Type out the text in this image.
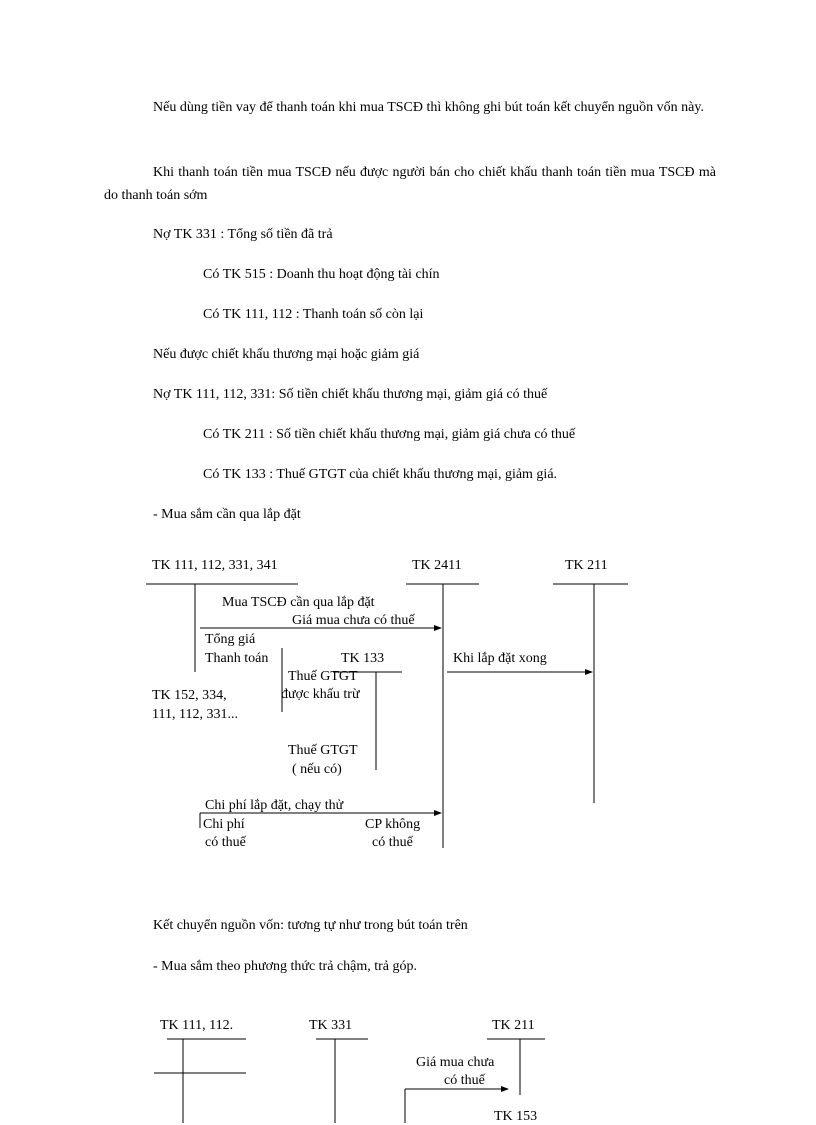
Nếu dùng tiền vay để thanh toán khi mua TSCĐ thì không ghi bút toán kết chuyển nguồn vốn này.
Khi thanh toán tiền mua TSCĐ nếu được người bán cho chiết khấu thanh toán tiền mua TSCĐ mà do thanh toán sớm
Nợ TK 331 : Tổng số tiền đã trả
Có TK 515 : Doanh thu hoạt động tài chín
Có TK 111, 112 : Thanh toán số còn lại
Nếu được chiết khấu thương mại hoặc giảm giá
Nợ TK 111, 112, 331: Số tiền chiết khấu thương mại, giảm giá có thuế
Có TK 211 : Số tiền chiết khấu thương mại, giảm giá chưa có thuế
Có TK 133 : Thuế GTGT của chiết khấu thương mại, giảm giá.
- Mua sắm cần qua lắp đặt
TK 111, 112, 331, 341	TK 2411	TK 211
Mua TSCĐ cần qua lắp đặt
Giá mua chưa có thuế
Tổng giá
Thanh toán	TK 133
Thuế GTGT
được khấu trừ
Khi lắp đặt xong
TK 152, 334,
111, 112, 331...
Thuế GTGT
( nếu có)
Chi phí lắp đặt, chạy thử
Chi phí
có thuế
CP không
có thuế
Kết chuyển nguồn vốn: tương tự như trong bút toán trên
- Mua sắm theo phương thức trả chậm, trả góp.
TK 111, 112.	TK 331	TK 211
Giá mua chưa
có thuế
TK 153
